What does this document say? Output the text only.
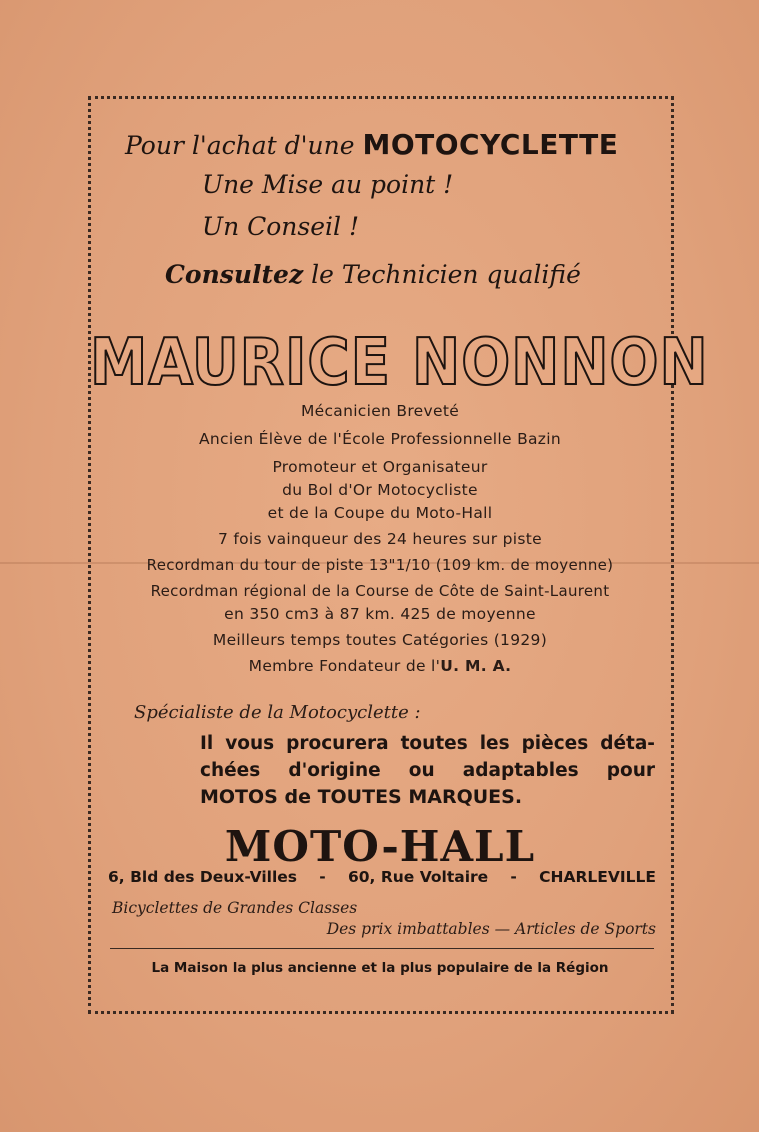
Pour l'achat d'une MOTOCYCLETTE
Une Mise au point !
Un Conseil !
Consultez le Technicien qualifié
MAURICE NONNON
Mécanicien Breveté
Ancien Élève de l'École Professionnelle Bazin
Promoteur et Organisateur
du Bol d'Or Motocycliste
et de la Coupe du Moto-Hall
7 fois vainqueur des 24 heures sur piste
Recordman du tour de piste 13"1/10 (109 km. de moyenne)
Recordman régional de la Course de Côte de Saint-Laurent
en 350 cm3 à 87 km. 425 de moyenne
Meilleurs temps toutes Catégories (1929)
Membre Fondateur de l'U. M. A.
Spécialiste de la Motocyclette :
Il vous procurera toutes les pièces déta-
chées d'origine ou adaptables pour
MOTOS de TOUTES MARQUES.
MOTO-HALL
6, Bld des Deux-Villes - 60, Rue Voltaire - CHARLEVILLE
Bicyclettes de Grandes Classes
Des prix imbattables — Articles de Sports
La Maison la plus ancienne et la plus populaire de la Région
